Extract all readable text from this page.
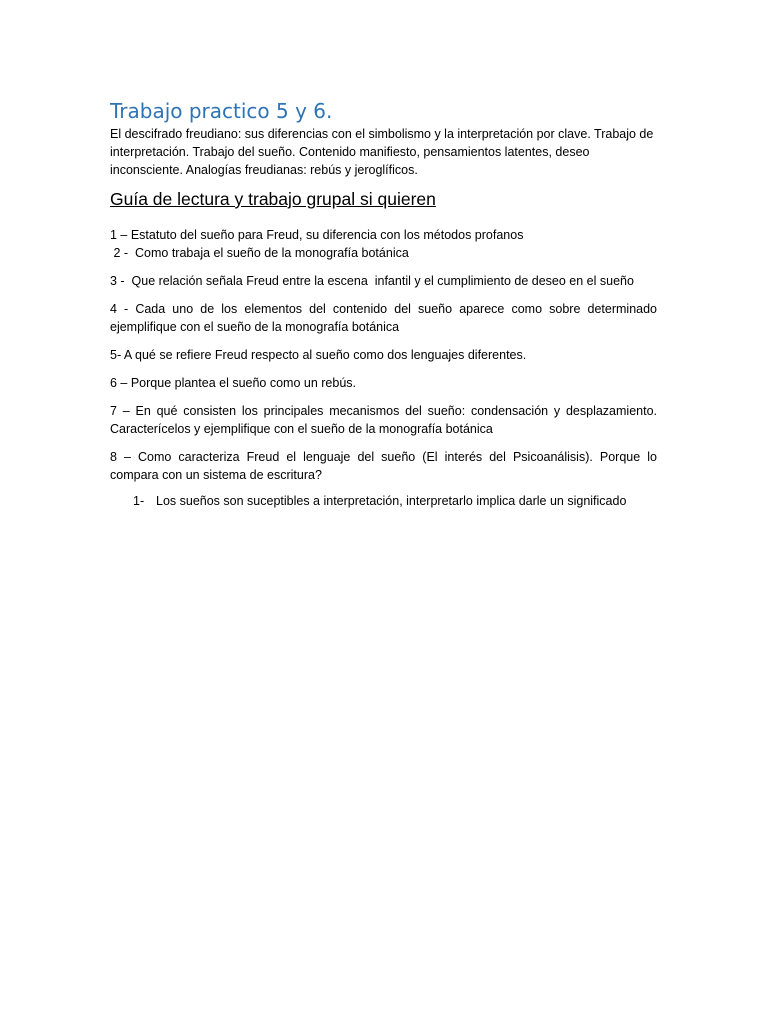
Trabajo practico 5 y 6.

El descifrado freudiano: sus diferencias con el simbolismo y la interpretación por clave. Trabajo de interpretación. Trabajo del sueño. Contenido manifiesto, pensamientos latentes, deseo inconsciente. Analogías freudianas: rebús y jeroglíficos.

Guía de lectura y trabajo grupal si quieren

1 – Estatuto del sueño para Freud, su diferencia con los métodos profanos

2 -  Como trabaja el sueño de la monografía botánica

3 -  Que relación señala Freud entre la escena  infantil y el cumplimiento de deseo en el sueño

4 - Cada uno de los elementos del contenido del sueño aparece como sobre determinado ejemplifique con el sueño de la monografía botánica

5- A qué se refiere Freud respecto al sueño como dos lenguajes diferentes.

6 – Porque plantea el sueño como un rebús.

7 – En qué consisten los principales mecanismos del sueño: condensación y desplazamiento. Caracterícelos y ejemplifique con el sueño de la monografía botánica

8 – Como caracteriza Freud el lenguaje del sueño (El interés del Psicoanálisis). Porque lo compara con un sistema de escritura?

1- Los sueños son suceptibles a interpretación, interpretarlo implica darle un significado
